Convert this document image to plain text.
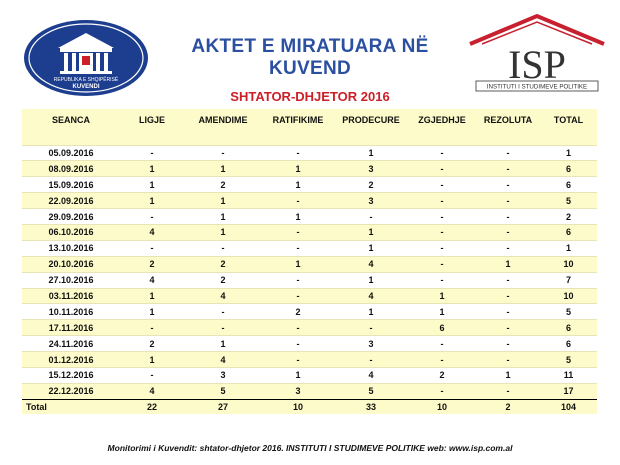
REPUBLIKA E SHQIPËRISË
KUVENDI
AKTET E MIRATUARA NË KUVEND
SHTATOR-DHJETOR 2016
ISP
INSTITUTI I STUDIMEVE POLITIKE
SEANCA	LIGJE	AMENDIME	RATIFIKIME	PRODECURE	ZGJEDHJE	REZOLUTA	TOTAL
05.09.2016	-	-	-	1	-	-	1
08.09.2016	1	1	1	3	-	-	6
15.09.2016	1	2	1	2	-	-	6
22.09.2016	1	1	-	3	-	-	5
29.09.2016	-	1	1	-	-	-	2
06.10.2016	4	1	-	1	-	-	6
13.10.2016	-	-	-	1	-	-	1
20.10.2016	2	2	1	4	-	1	10
27.10.2016	4	2	-	1	-	-	7
03.11.2016	1	4	-	4	1	-	10
10.11.2016	1	-	2	1	1	-	5
17.11.2016	-	-	-	-	6	-	6
24.11.2016	2	1	-	3	-	-	6
01.12.2016	1	4	-	-	-	-	5
15.12.2016	-	3	1	4	2	1	11
22.12.2016	4	5	3	5	-	-	17
Total	22	27	10	33	10	2	104
Monitorimi i Kuvendit: shtator-dhjetor 2016. INSTITUTI I STUDIMEVE POLITIKE web: www.isp.com.al
